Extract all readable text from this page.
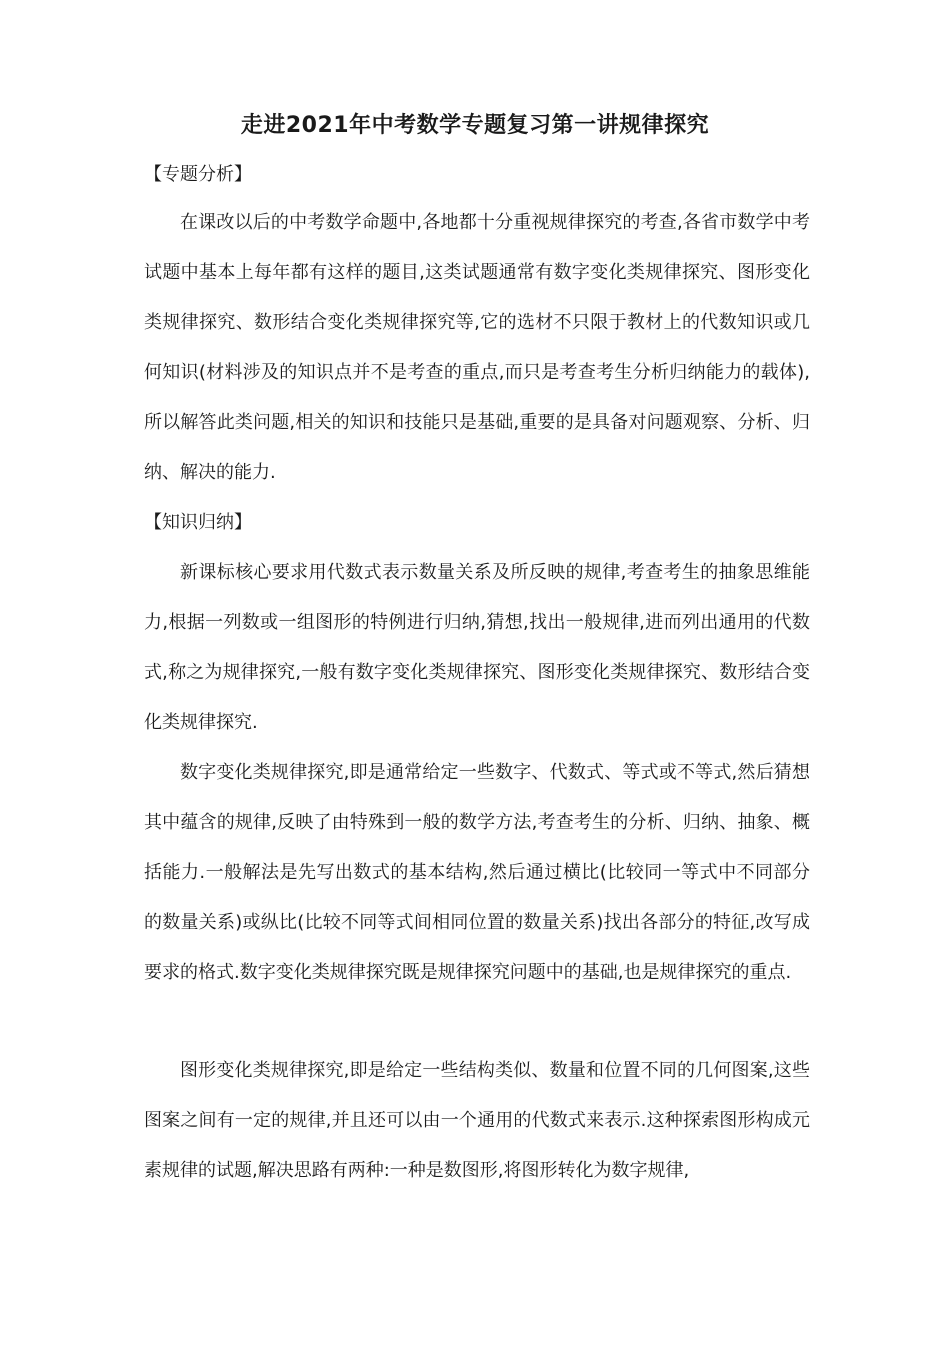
走进2021年中考数学专题复习第一讲规律探究
【专题分析】
在课改以后的中考数学命题中,各地都十分重视规律探究的考查,各省市数学中考试题中基本上每年都有这样的题目,这类试题通常有数字变化类规律探究、图形变化类规律探究、数形结合变化类规律探究等,它的选材不只限于教材上的代数知识或几何知识(材料涉及的知识点并不是考查的重点,而只是考查考生分析归纳能力的载体),所以解答此类问题,相关的知识和技能只是基础,重要的是具备对问题观察、分析、归纳、解决的能力.
【知识归纳】
新课标核心要求用代数式表示数量关系及所反映的规律,考查考生的抽象思维能力,根据一列数或一组图形的特例进行归纳,猜想,找出一般规律,进而列出通用的代数式,称之为规律探究,一般有数字变化类规律探究、图形变化类规律探究、数形结合变化类规律探究.
数字变化类规律探究,即是通常给定一些数字、代数式、等式或不等式,然后猜想其中蕴含的规律,反映了由特殊到一般的数学方法,考查考生的分析、归纳、抽象、概括能力.一般解法是先写出数式的基本结构,然后通过横比(比较同一等式中不同部分的数量关系)或纵比(比较不同等式间相同位置的数量关系)找出各部分的特征,改写成要求的格式.数字变化类规律探究既是规律探究问题中的基础,也是规律探究的重点.
图形变化类规律探究,即是给定一些结构类似、数量和位置不同的几何图案,这些图案之间有一定的规律,并且还可以由一个通用的代数式来表示.这种探索图形构成元素规律的试题,解决思路有两种:一种是数图形,将图形转化为数字规律,
